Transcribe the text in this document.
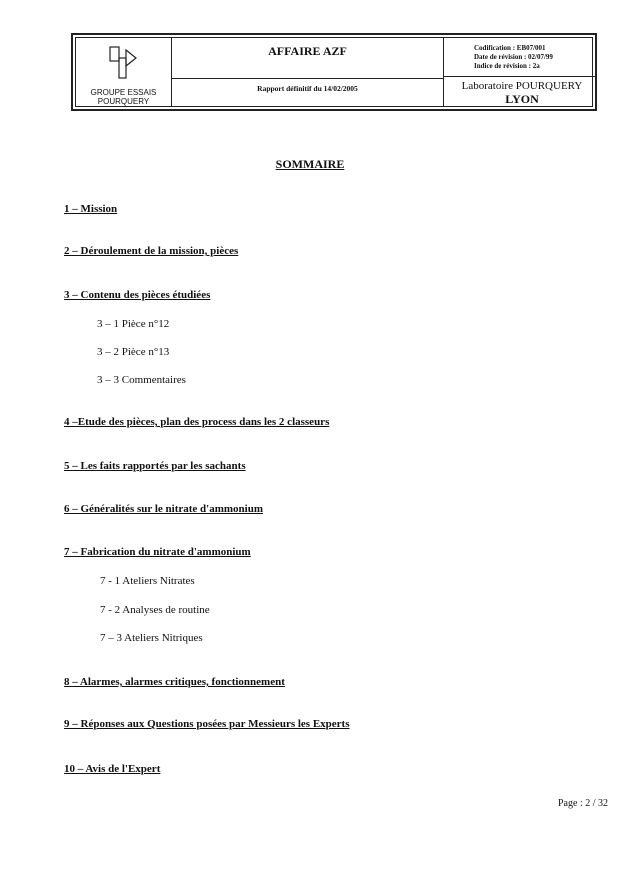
GROUPE ESSAIS
POURQUERY
AFFAIRE AZF
Rapport définitif du 14/02/2005
Codification : EB07/001
Date de révision : 02/07/99
Indice de révision : 2a
Laboratoire POURQUERY
LYON
SOMMAIRE
1 – Mission
2 – Déroulement de la mission, pièces
3 – Contenu des pièces étudiées
3 – 1 Pièce n°12
3 – 2 Pièce n°13
3 – 3 Commentaires
4 –Etude des pièces, plan des process dans les 2 classeurs
5 – Les faits rapportés par les sachants
6 – Généralités sur le nitrate d'ammonium
7 – Fabrication du nitrate d'ammonium
7 - 1 Ateliers Nitrates
7 - 2 Analyses de routine
7 – 3 Ateliers Nitriques
8 – Alarmes, alarmes critiques, fonctionnement
9 – Réponses aux Questions posées par Messieurs les Experts
10 – Avis de l'Expert
Page : 2 / 32
